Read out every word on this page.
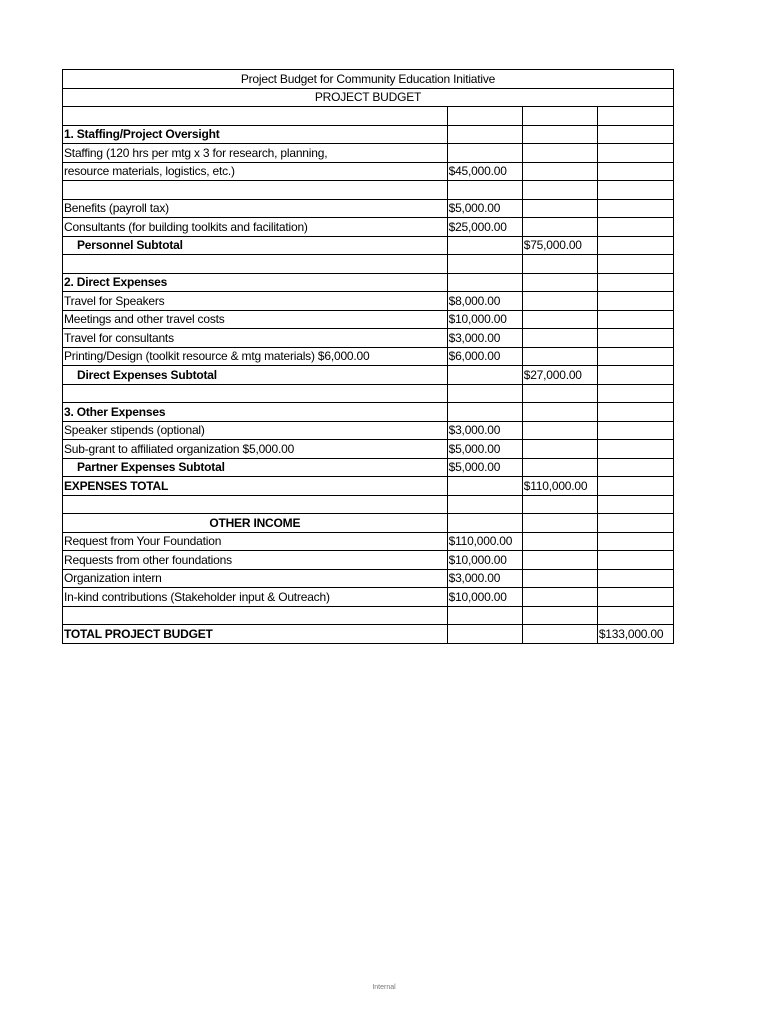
Project Budget for Community Education Initiative			
PROJECT BUDGET			

1. Staffing/Project Oversight			
Staffing (120 hrs per mtg x 3 for research, planning,			
resource materials, logistics, etc.)	$45,000.00		

Benefits (payroll tax)	$5,000.00		
Consultants (for building toolkits and facilitation)	$25,000.00		
Personnel Subtotal		$75,000.00	

2. Direct Expenses			
Travel for Speakers	$8,000.00		
Meetings and other travel costs	$10,000.00		
Travel for consultants	$3,000.00		
Printing/Design (toolkit resource & mtg materials) $6,000.00	$6,000.00		
Direct Expenses Subtotal		$27,000.00	

3. Other Expenses			
Speaker stipends (optional)	$3,000.00		
Sub-grant to affiliated organization $5,000.00	$5,000.00		
Partner Expenses Subtotal	$5,000.00		
EXPENSES TOTAL		$110,000.00	

OTHER INCOME			
Request from Your Foundation	$110,000.00		
Requests from other foundations	$10,000.00		
Organization intern	$3,000.00		
In-kind contributions (Stakeholder input & Outreach)	$10,000.00		

TOTAL PROJECT BUDGET			$133,000.00
Internal
